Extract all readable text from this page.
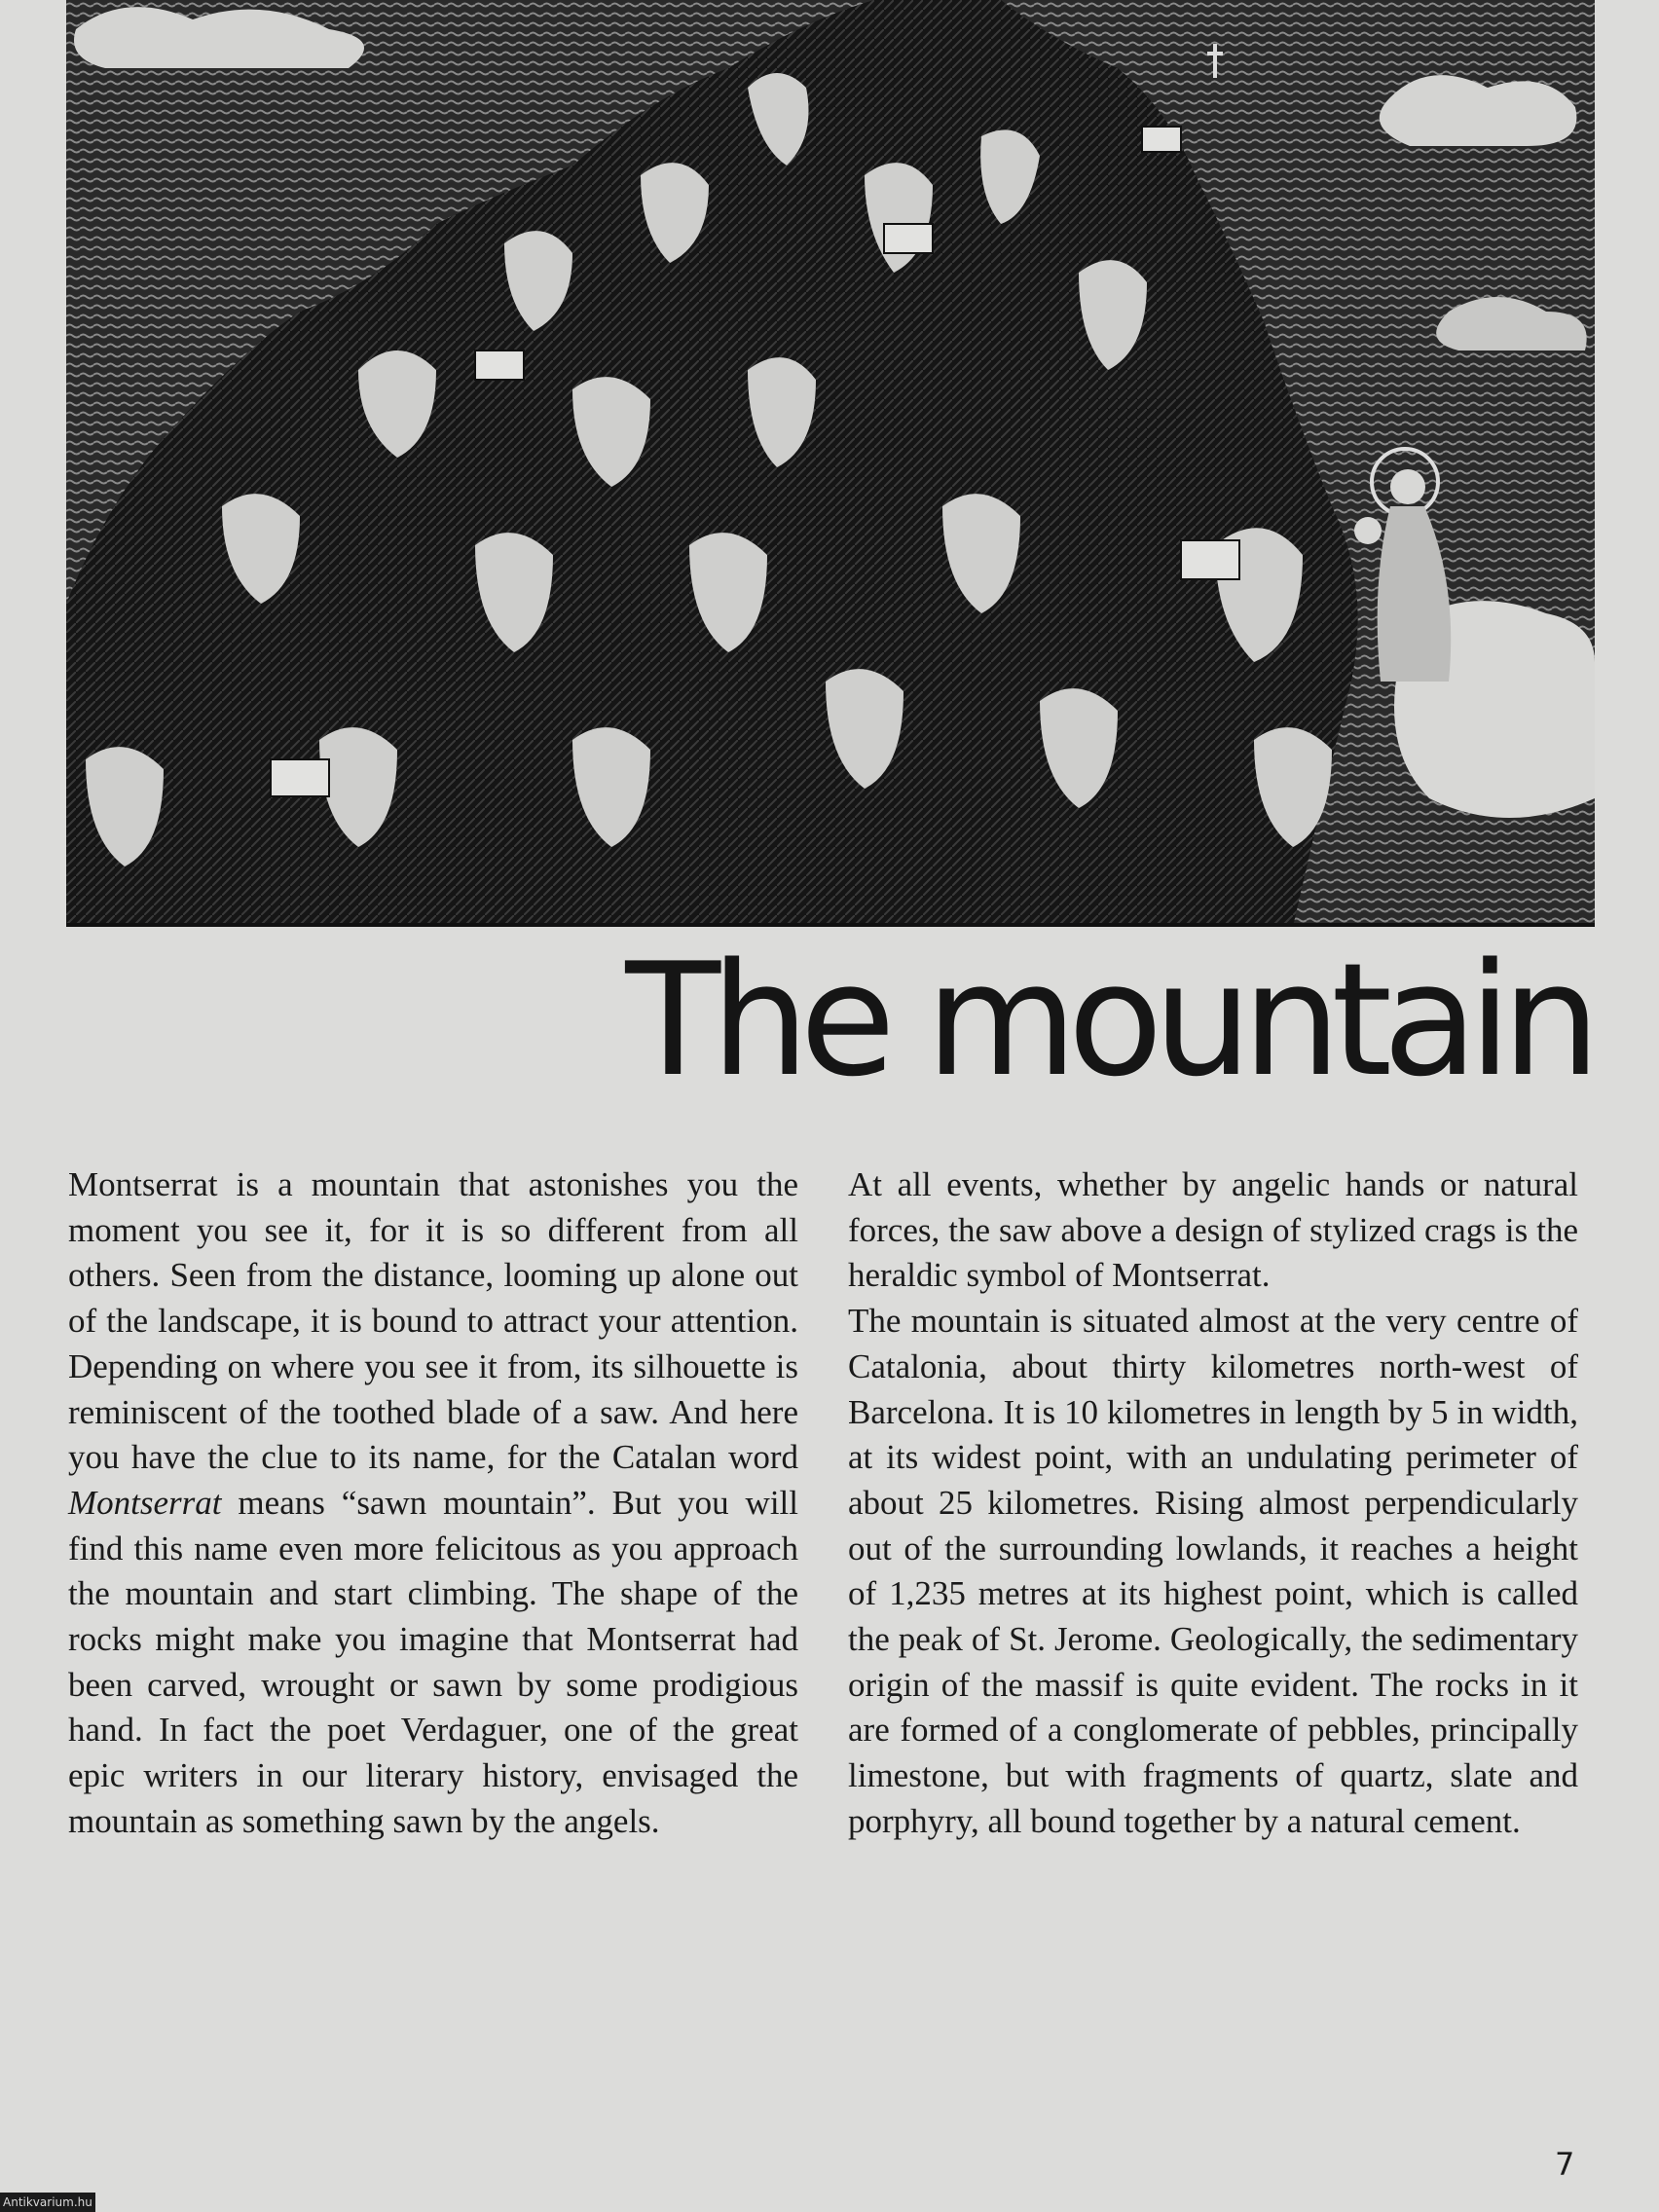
The mountain

Montserrat is a mountain that astonishes you the moment you see it, for it is so different from all others. Seen from the distance, looming up alone out of the landscape, it is bound to attract your attention. Depending on where you see it from, its silhouette is reminiscent of the toothed blade of a saw. And here you have the clue to its name, for the Catalan word Montserrat means “sawn mountain”. But you will find this name even more felicitous as you approach the mountain and start climbing. The shape of the rocks might make you imagine that Montserrat had been carved, wrought or sawn by some prodigious hand. In fact the poet Verdaguer, one of the great epic writers in our literary history, envisaged the mountain as something sawn by the angels.

At all events, whether by angelic hands or natural forces, the saw above a design of stylized crags is the heraldic symbol of Montserrat.

The mountain is situated almost at the very centre of Catalonia, about thirty kilometres north-west of Barcelona. It is 10 kilometres in length by 5 in width, at its widest point, with an undulating perimeter of about 25 kilometres. Rising almost perpendicularly out of the surrounding lowlands, it reaches a height of 1,235 metres at its highest point, which is called the peak of St. Jerome. Geologically, the sedimentary origin of the massif is quite evident. The rocks in it are formed of a conglomerate of pebbles, principally limestone, but with fragments of quartz, slate and porphyry, all bound together by a natural cement.

7
Antikvarium.hu
